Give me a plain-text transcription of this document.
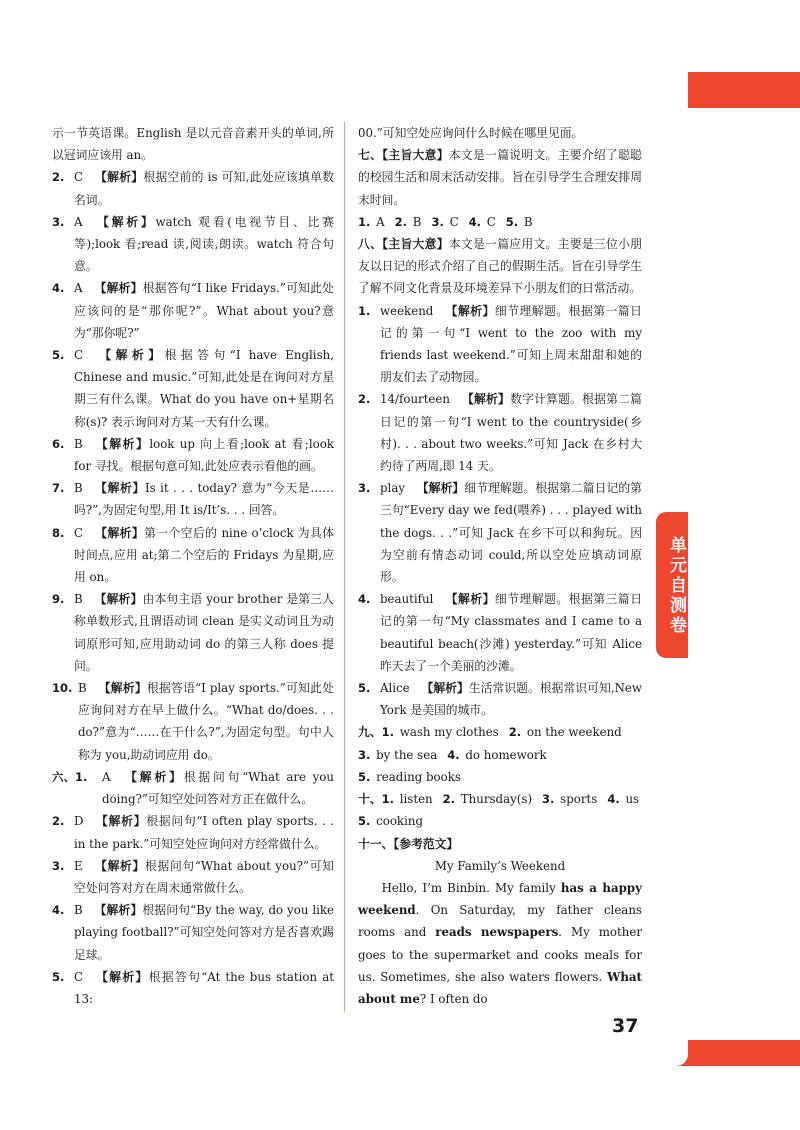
示一节英语课。English 是以元音音素开头的单词,所以冠词应该用 an。
2. C 【解析】根据空前的 is 可知,此处应该填单数名词。
3. A 【解析】watch 观看(电视节目、比赛等);look 看;read 读,阅读,朗读。watch 符合句意。
4. A 【解析】根据答句“I like Fridays.”可知此处应该问的是“那你呢?”。What about you?意为“那你呢?”
5. C 【解析】根据答句“I have English, Chinese and music.”可知,此处是在询问对方星期三有什么课。What do you have on+星期名称(s)? 表示询问对方某一天有什么课。
6. B 【解析】look up 向上看;look at 看;look for 寻找。根据句意可知,此处应表示看他的画。
7. B 【解析】Is it . . . today? 意为“今天是……吗?”,为固定句型,用 It is/It’s. . . 回答。
8. C 【解析】第一个空后的 nine o’clock 为具体时间点,应用 at;第二个空后的 Fridays 为星期,应用 on。
9. B 【解析】由本句主语 your brother 是第三人称单数形式,且谓语动词 clean 是实义动词且为动词原形可知,应用助动词 do 的第三人称 does 提问。
10. B 【解析】根据答语“I play sports.”可知此处应询问对方在早上做什么。“What do/does. . . do?”意为“……在干什么?”,为固定句型。句中人称为 you,助动词应用 do。
六、1.	A 【解析】根据问句“What are you doing?”可知空处问答对方正在做什么。
2. D 【解析】根据问句“I often play sports. . . in the park.”可知空处应询问对方经常做什么。
3. E 【解析】根据问句“What about you?”可知空处问答对方在周末通常做什么。
4. B 【解析】根据问句“By the way, do you like playing football?”可知空处问答对方是否喜欢踢足球。
5. C 【解析】根据答句“At the bus station at 13:
00.”可知空处应询问什么时候在哪里见面。
七、【主旨大意】本文是一篇说明文。主要介绍了聪聪的校园生活和周末活动安排。旨在引导学生合理安排周末时间。
1. A 2. B 3. C 4. C 5. B
八、【主旨大意】本文是一篇应用文。主要是三位小朋友以日记的形式介绍了自己的假期生活。旨在引导学生了解不同文化背景及环境差异下小朋友们的日常活动。
1. weekend 【解析】细节理解题。根据第一篇日记的第一句“I went to the zoo with my friends last weekend.”可知上周末甜甜和她的朋友们去了动物园。
2. 14/fourteen 【解析】数字计算题。根据第二篇日记的第一句“I went to the countryside(乡村). . . about two weeks.”可知 Jack 在乡村大约待了两周,即 14 天。
3. play 【解析】细节理解题。根据第二篇日记的第三句“Every day we fed(喂养) . . . played with the dogs. . .”可知 Jack 在乡下可以和狗玩。因为空前有情态动词 could,所以空处应填动词原形。
4. beautiful 【解析】细节理解题。根据第三篇日记的第一句“My classmates and I came to a beautiful beach(沙滩) yesterday.”可知 Alice 昨天去了一个美丽的沙滩。
5. Alice 【解析】生活常识题。根据常识可知,New York 是美国的城市。
九、1. wash my clothes 2. on the weekend
3. by the sea 4. do homework
5. reading books
十、1. listen 2. Thursday(s) 3. sports 4. us
5. cooking
十一、【参考范文】
My Family’s Weekend
Hello, I’m Binbin. My family has a happy weekend. On Saturday, my father cleans rooms and reads newspapers. My mother goes to the supermarket and cooks meals for us. Sometimes, she also waters flowers. What about me? I often do
单元自测卷
37
